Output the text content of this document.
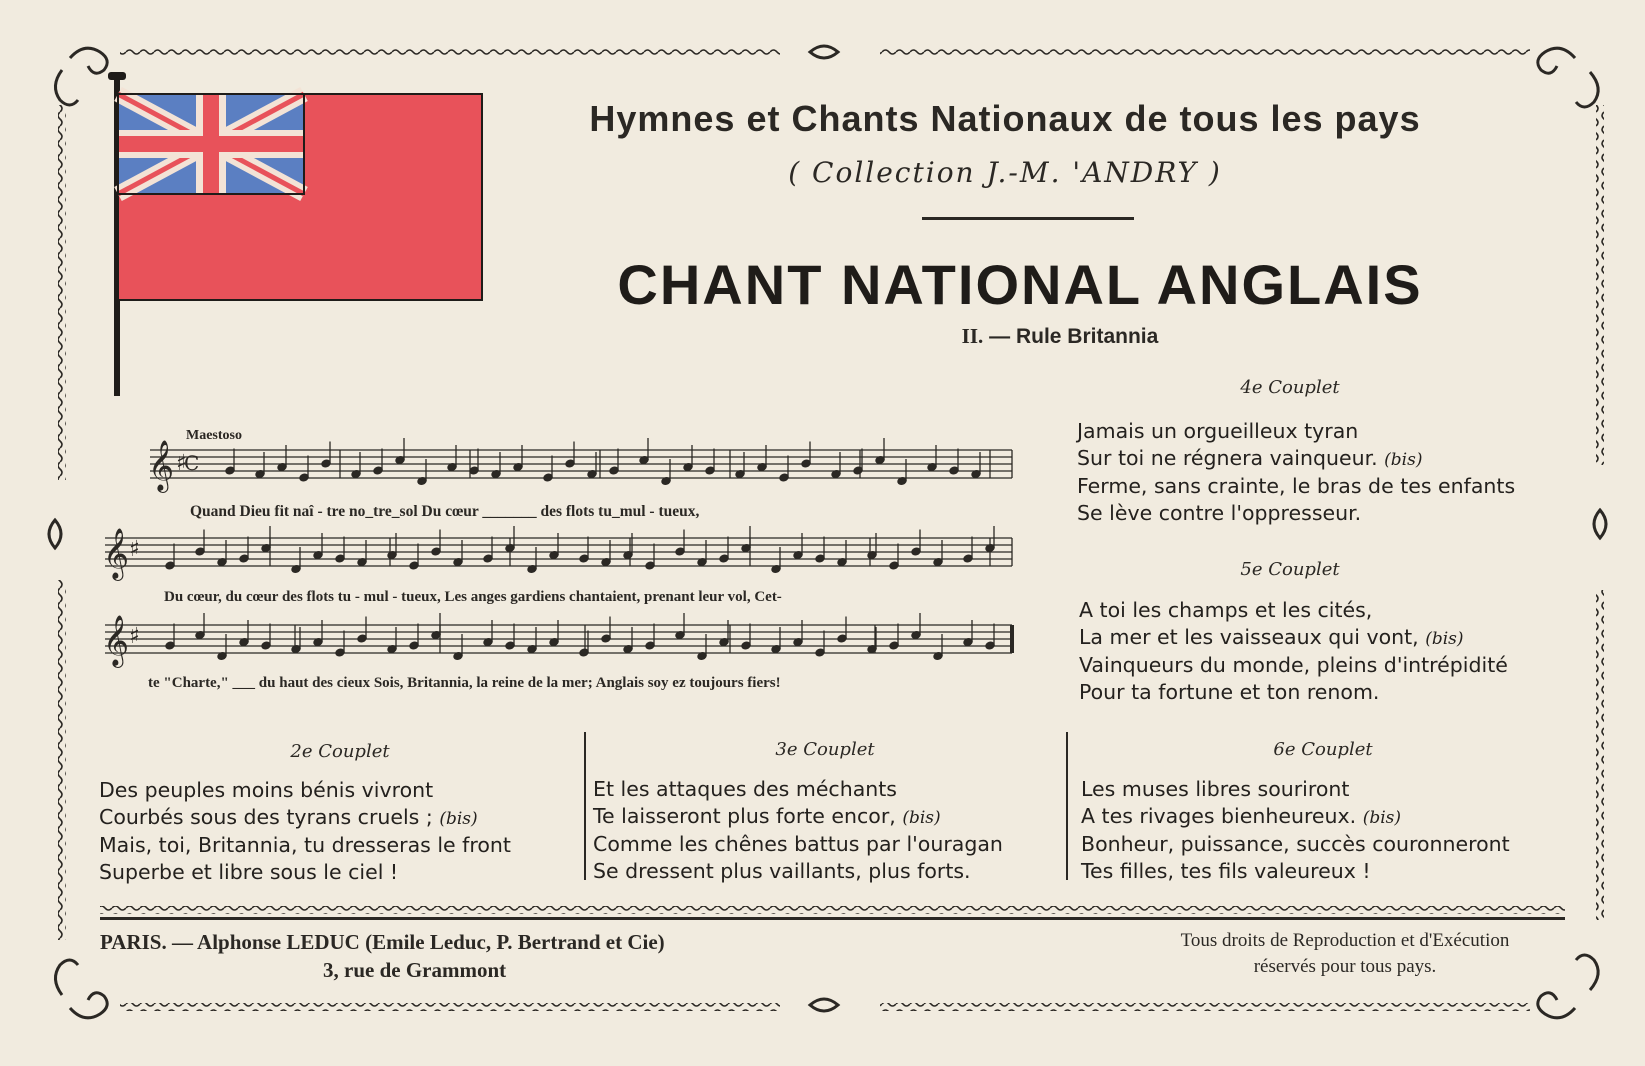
Hymnes et Chants Nationaux de tous les pays
( Collection J.-M. 'ANDRY )
CHANT NATIONAL ANGLAIS
II. — Rule Britannia
Maestoso
𝄞 ♯
C
𝄞 ♯
𝄞 ♯
Quand Dieu fit naî - tre no_tre_sol Du cœur _______ des flots tu_mul - tueux,
Du cœur, du cœur des flots tu - mul - tueux, Les anges gardiens chantaient, prenant leur vol, Cet-
te "Charte," ___ du haut des cieux Sois, Britannia, la reine de la mer; Anglais soy ez toujours fiers!
4e Couplet
Jamais un orgueilleux tyran
Sur toi ne régnera vainqueur. (bis)
Ferme, sans crainte, le bras de tes enfants
Se lève contre l'oppresseur.
5e Couplet
A toi les champs et les cités,
La mer et les vaisseaux qui vont, (bis)
Vainqueurs du monde, pleins d'intrépidité
Pour ta fortune et ton renom.
2e Couplet
Des peuples moins bénis vivront
Courbés sous des tyrans cruels ; (bis)
Mais, toi, Britannia, tu dresseras le front
Superbe et libre sous le ciel !
3e Couplet
Et les attaques des méchants
Te laisseront plus forte encor, (bis)
Comme les chênes battus par l'ouragan
Se dressent plus vaillants, plus forts.
6e Couplet
Les muses libres souriront
A tes rivages bienheureux. (bis)
Bonheur, puissance, succès couronneront
Tes filles, tes fils valeureux !
PARIS. — Alphonse LEDUC (Emile Leduc, P. Bertrand et Cie)
3, rue de Grammont
Tous droits de Reproduction et d'Exécution
réservés pour tous pays.
